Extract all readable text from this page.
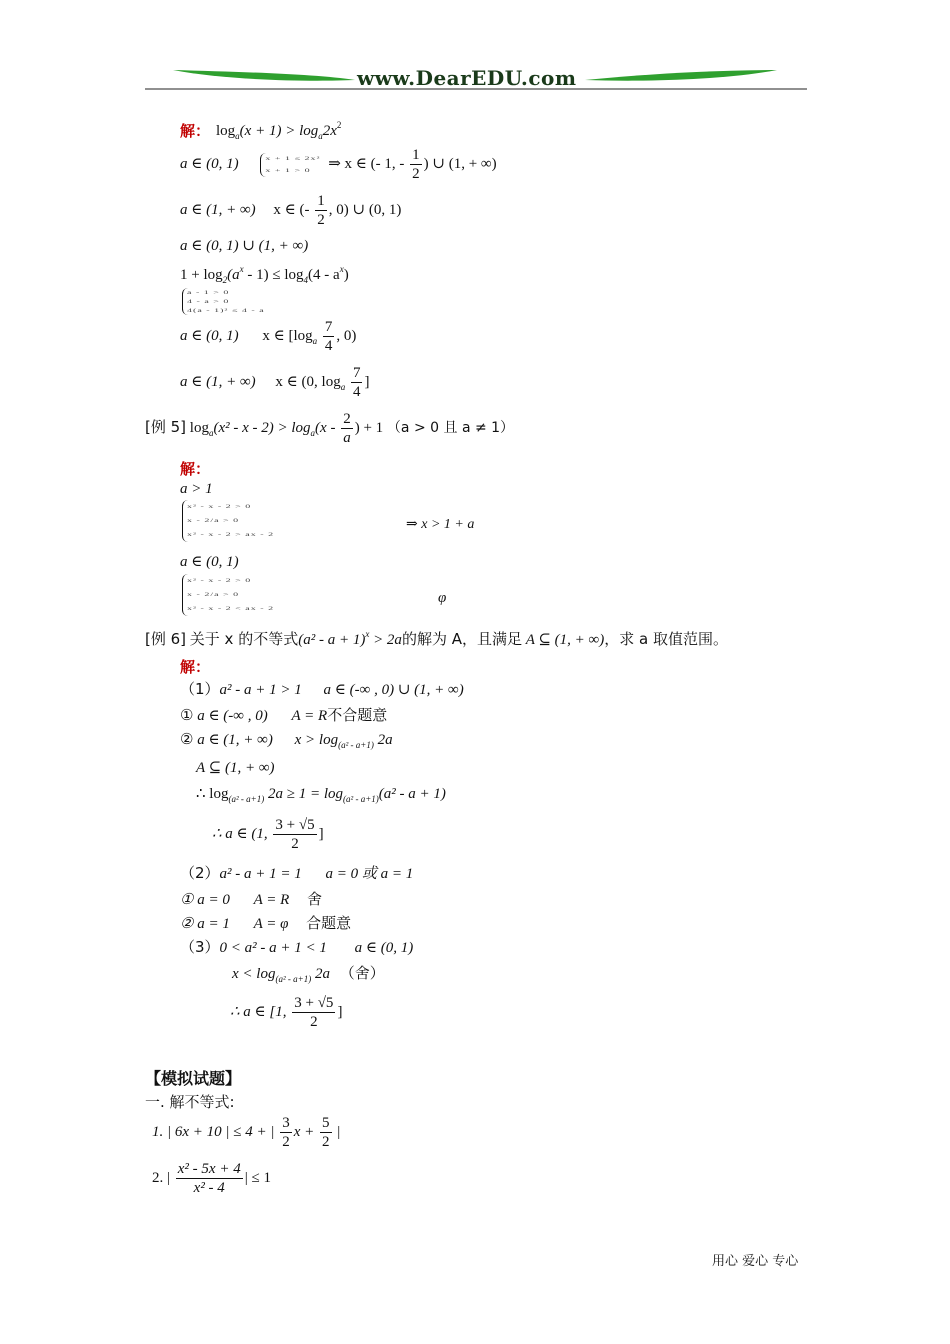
www.DearEDU.com
解： $\log_a(x + 1) > \log_a2x^2$
a ∈ (0, 1)	x + 1 ≤ 2x²
x + 1 > 0	⇒ x ∈ (- 1, - $\frac{1}{2}$ ) ∪ (1, + ∞)
a ∈ (1, + ∞) x ∈ (- $\frac{1}{2}$ , 0) ∪ (0, 1)
a ∈ (0, 1) ∪ (1, + ∞)
$1 + \log_2(a^x - 1) \le \log_4(4 - a^x)$
a - 1 > 0
4 - a > 0
4(a - 1)² ≤ 4 - a
a ∈ (0, 1) x ∈ [$\log_a \frac{7}{4}$ , 0)
a ∈ (1, + ∞) x ∈ (0, $\log_a \frac{7}{4}$ ]
[例 5] $\log_a(x^2 - x - 2) > \log_a(x - \frac{2}{a}$ ) + 1 （a > 0 且 a ≠ 1）
解：
a > 1
x² - x - 2 > 0
x - 2/a > 0
x² - x - 2 > ax - 2
⇒ x > 1 + a
a ∈ (0, 1)
x² - x - 2 > 0
x - 2/a > 0
x² - x - 2 < ax - 2
φ
[例 6] 关于 x 的不等式$(a^2 - a + 1)^x > 2a$的解为 A，且满足 A ⊆ (1, + ∞)，求 a 取值范围。
解：
（1）a² - a + 1 > 1 a ∈ (-∞ , 0) ∪ (1, + ∞)
① a ∈ (-∞ , 0) A = R不合题意
② a ∈ (1, + ∞) $x > \log_{(a^2 - a+1)} 2a$
A ⊆ (1, + ∞)
∴ $\log_{(a^2 - a+1)} 2a \ge 1 = \log_{(a^2 - a+1)}(a^2 - a + 1)$
∴ a ∈ (1, $\frac{3 + √5}{2}$ ]
（2）a² - a + 1 = 1 a = 0 或 a = 1
① a = 0 A = R 舍
② a = 1 A = φ 合题意
（3）0 < a² - a + 1 < 1 a ∈ (0, 1)
$x < \log_{(a^2 - a+1)} 2a$ （舍）
∴ a ∈ [1, $\frac{3 + √5}{2}$ ]
【模拟试题】
一. 解不等式:
1. | 6x + 10 | ≤ 4 + | $\frac{3}{2}$ $x + \frac{5}{2}$ |
2. | $\frac{\text{x² - 5x + 4}}{\text{x² - 4}}$ | ≤ 1
用心 爱心 专心
